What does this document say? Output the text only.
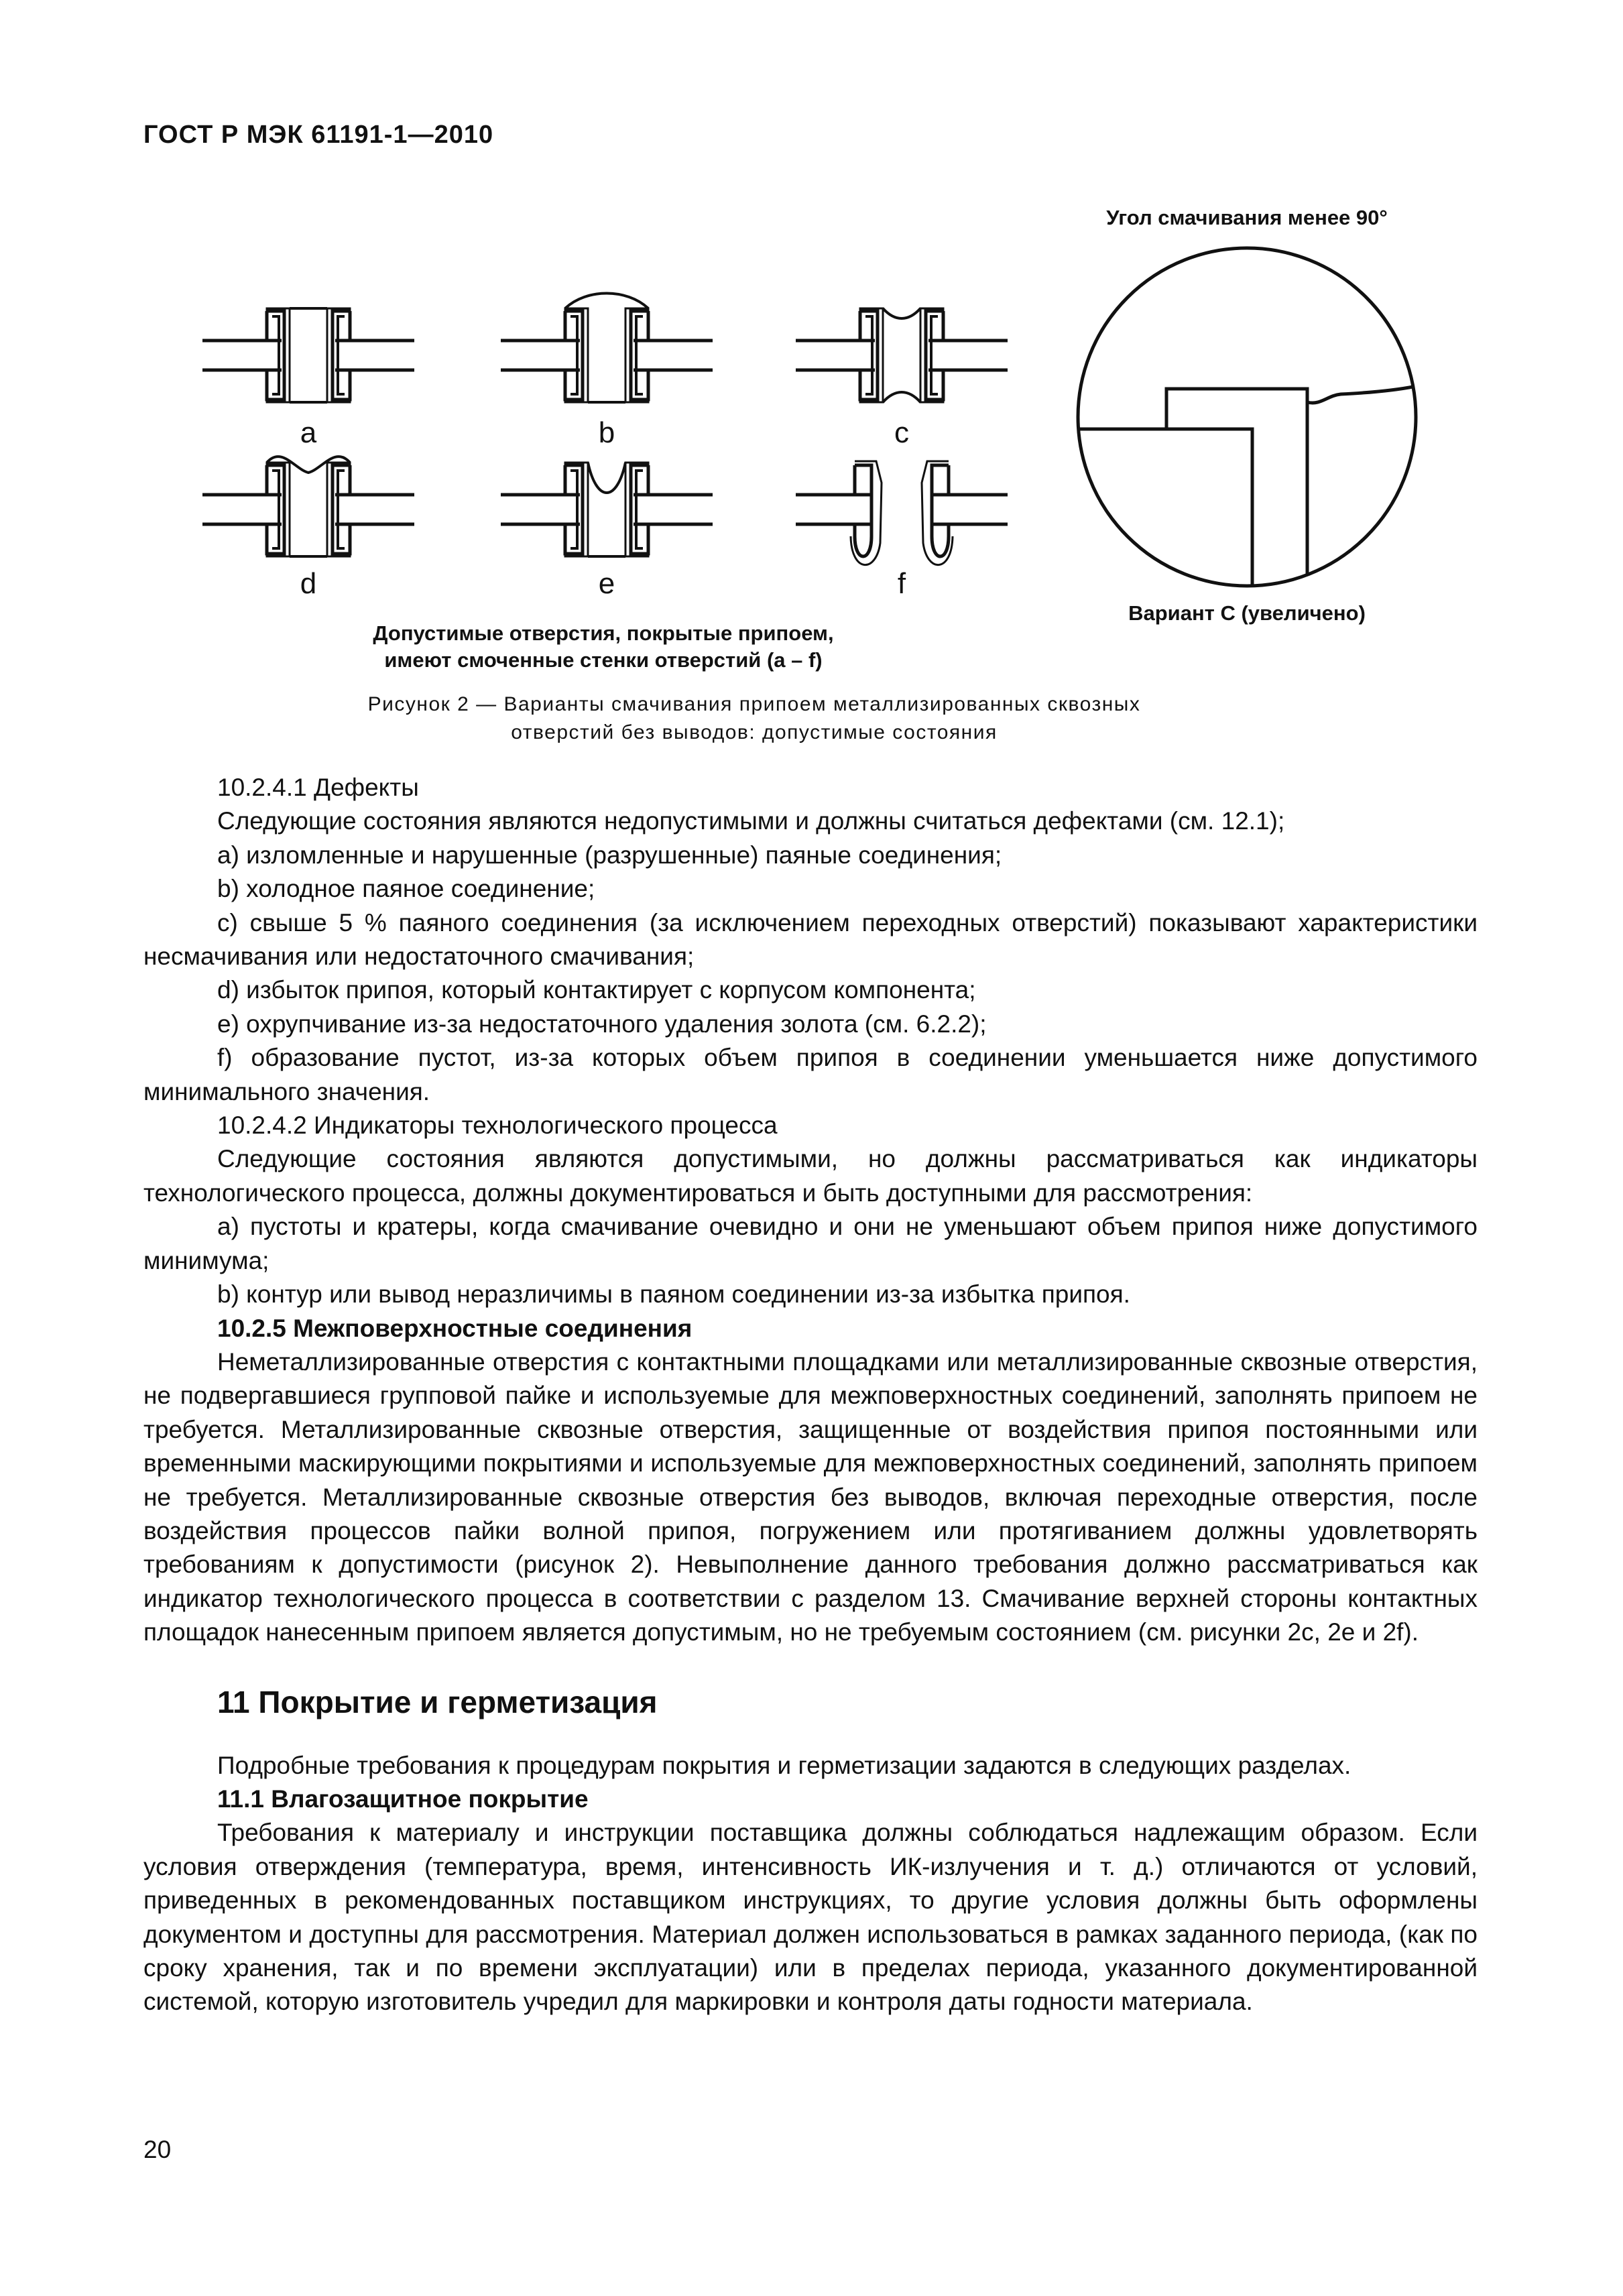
ГОСТ Р МЭК 61191-1—2010
a	b	c
d	e	f
Допустимые отверстия, покрытые припоем,
имеют смоченные стенки отверстий (a – f)
Угол смачивания менее 90°
Вариант С (увеличено)
Рисунок 2 — Варианты смачивания припоем металлизированных сквозных
отверстий без выводов: допустимые состояния

10.2.4.1 Дефекты

Следующие состояния являются недопустимыми и должны считаться дефектами (см. 12.1);

а) изломленные и нарушенные (разрушенные) паяные соединения;

b) холодное паяное соединение;

c) свыше 5 % паяного соединения (за исключением переходных отверстий) показывают характеристики несмачивания или недостаточного смачивания;

d) избыток припоя, который контактирует с корпусом компонента;

e) охрупчивание из-за недостаточного удаления золота (см. 6.2.2);

f) образование пустот, из-за которых объем припоя в соединении уменьшается ниже допустимого минимального значения.

10.2.4.2 Индикаторы технологического процесса

Следующие состояния являются допустимыми, но должны рассматриваться как индикаторы технологического процесса, должны документироваться и быть доступными для рассмотрения:

a) пустоты и кратеры, когда смачивание очевидно и они не уменьшают объем припоя ниже допустимого минимума;

b) контур или вывод неразличимы в паяном соединении из-за избытка припоя.

10.2.5 Межповерхностные соединения

Неметаллизированные отверстия с контактными площадками или металлизированные сквозные отверстия, не подвергавшиеся групповой пайке и используемые для межповерхностных соединений, заполнять припоем не требуется. Металлизированные сквозные отверстия, защищенные от воздействия припоя постоянными или временными маскирующими покрытиями и используемые для межповерхностных соединений, заполнять припоем не требуется. Металлизированные сквозные отверстия без выводов, включая переходные отверстия, после воздействия процессов пайки волной припоя, погружением или протягиванием должны удовлетворять требованиям к допустимости (рисунок 2). Невыполнение данного требования должно рассматриваться как индикатор технологического процесса в соответствии с разделом 13. Смачивание верхней стороны контактных площадок нанесенным припоем является допустимым, но не требуемым состоянием (см. рисунки 2c, 2e и 2f).

11 Покрытие и герметизация

Подробные требования к процедурам покрытия и герметизации задаются в следующих разделах.

11.1 Влагозащитное покрытие

Требования к материалу и инструкции поставщика должны соблюдаться надлежащим образом. Если условия отверждения (температура, время, интенсивность ИК-излучения и т. д.) отличаются от условий, приведенных в рекомендованных поставщиком инструкциях, то другие условия должны быть оформлены документом и доступны для рассмотрения. Материал должен использоваться в рамках заданного периода, (как по сроку хранения, так и по времени эксплуатации) или в пределах периода, указанного документированной системой, которую изготовитель учредил для маркировки и контроля даты годности материала.

20
